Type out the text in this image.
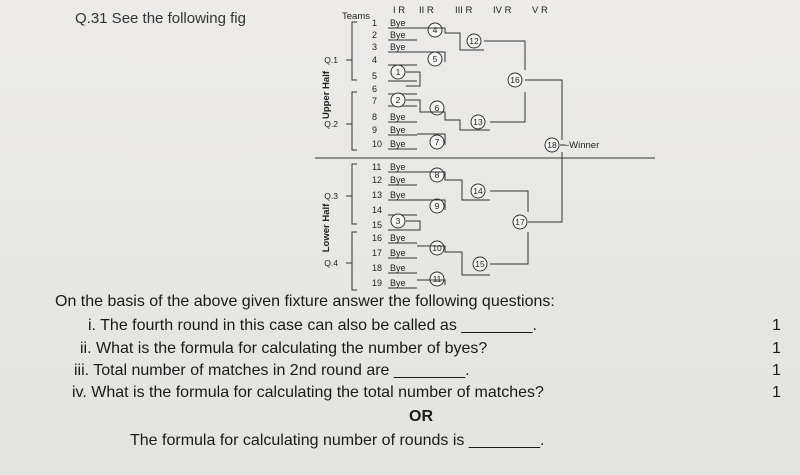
Q.31 See the following fig	Teams
I R II R III R IV R V R
1 Bye
2 Bye
3 Bye
4
5
6
7
8 Bye
9 Bye
10 Bye
11 Bye
12 Bye
13 Bye
14
15
16 Bye
17 Bye
18 Bye
19 Bye
Upper Half
Lower Half
Q.1
Q.2
Q.3
Q.4
4
5
1
2
6
7
12
13
16
8
9
3
14
10
11
15
17
18 -Winner
On the basis of the above given fixture answer the following questions:
i. The fourth round in this case can also be called as ________.	1
ii. What is the formula for calculating the number of byes?	1
iii. Total number of matches in 2nd round are ________.	1
iv. What is the formula for calculating the total number of matches?	1
OR
The formula for calculating number of rounds is ________.
